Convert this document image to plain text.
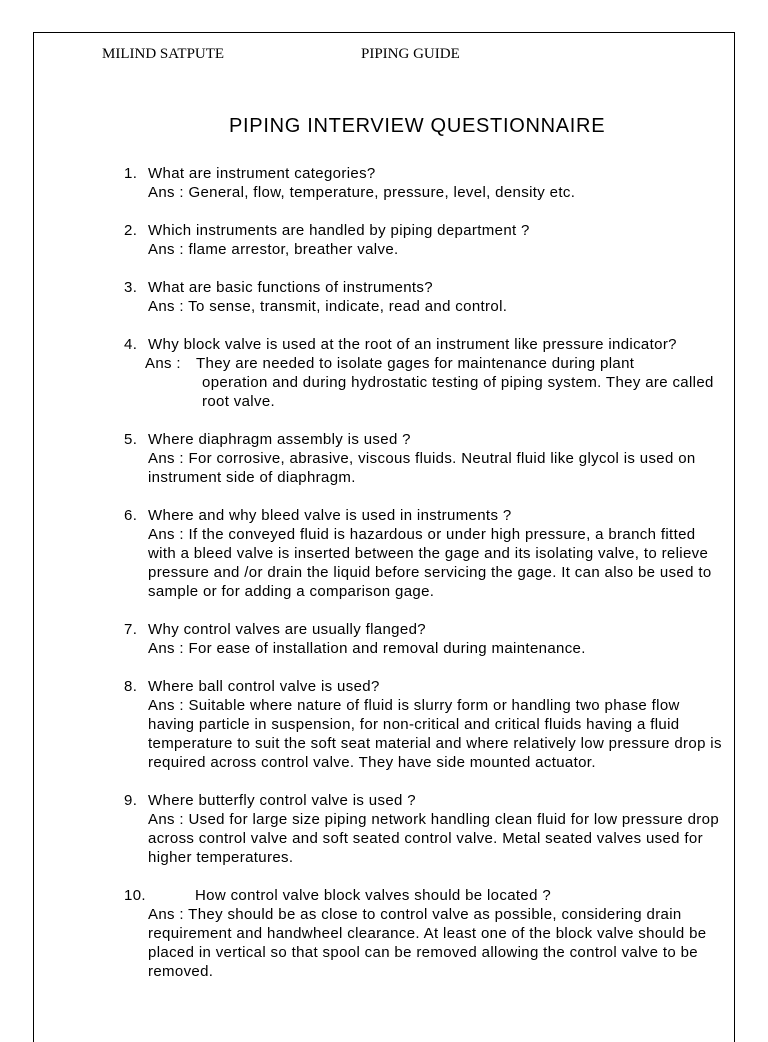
MILIND SATPUTE	PIPING GUIDE
PIPING INTERVIEW QUESTIONNAIRE
1. What are instrument categories?
Ans : General, flow, temperature, pressure, level, density etc.
2. Which instruments are handled by piping department ?
Ans : flame arrestor, breather valve.
3. What are basic functions of instruments?
Ans : To sense, transmit, indicate, read and control.
4. Why block valve is used at the root of an instrument like pressure indicator?
Ans :	They are needed to isolate gages for maintenance during plant
operation and during hydrostatic testing of piping system. They are called root valve.
5. Where diaphragm assembly is used ?
Ans : For corrosive, abrasive, viscous fluids. Neutral fluid like glycol is used on instrument side of diaphragm.
6. Where and why bleed valve is used in instruments ?
Ans : If the conveyed fluid is hazardous or under high pressure, a branch fitted with a bleed valve is inserted between the gage and its isolating valve, to relieve pressure and /or drain the liquid before servicing the gage. It can also be used to sample or for adding a comparison gage.
7. Why control valves are usually flanged?
Ans : For ease of installation and removal during maintenance.
8. Where ball control valve is used?
Ans : Suitable where nature of fluid is slurry form or handling two phase flow having particle in suspension, for non-critical and critical fluids having a fluid temperature to suit the soft seat material and where relatively low pressure drop is required across control valve. They have side mounted actuator.
9. Where butterfly control valve is used ?
Ans : Used for large size piping network handling clean fluid for low pressure drop across control valve and soft seated control valve. Metal seated valves used for higher temperatures.
10.	How control valve block valves should be located ?
Ans : They should be as close to control valve as possible, considering drain requirement and handwheel clearance. At least one of the block valve should be placed in vertical so that spool can be removed allowing the control valve to be removed.
